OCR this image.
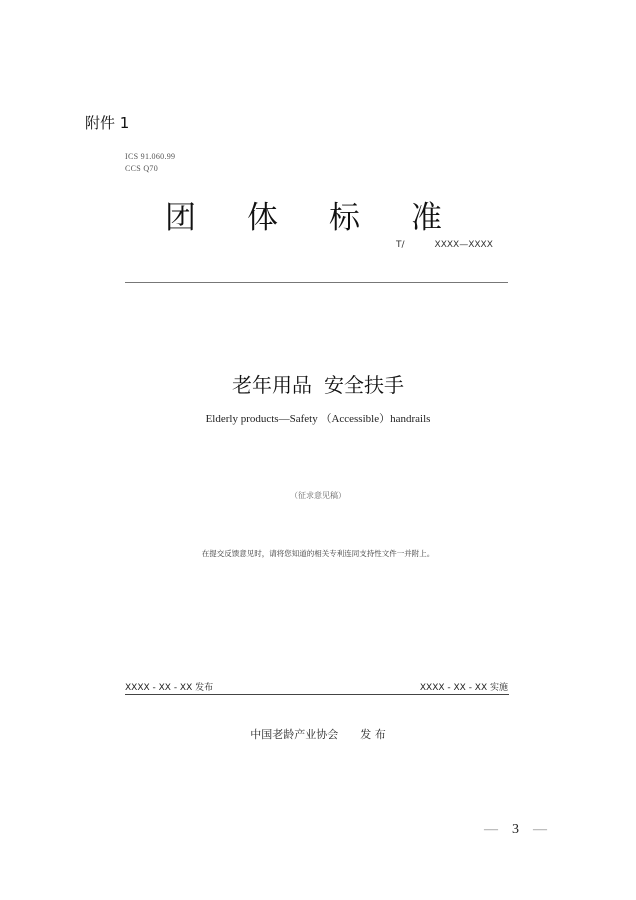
附件 1
ICS 91.060.99
CCS Q70
团体标准
T/	XXXX—XXXX
老年用品 安全扶手
Elderly products—Safety （Accessible）handrails
（征求意见稿）
在提交反馈意见时，请将您知道的相关专利连同支持性文件一并附上。
XXXX - XX - XX 发布	XXXX - XX - XX 实施
中国老龄产业协会 发 布
— 3 —
